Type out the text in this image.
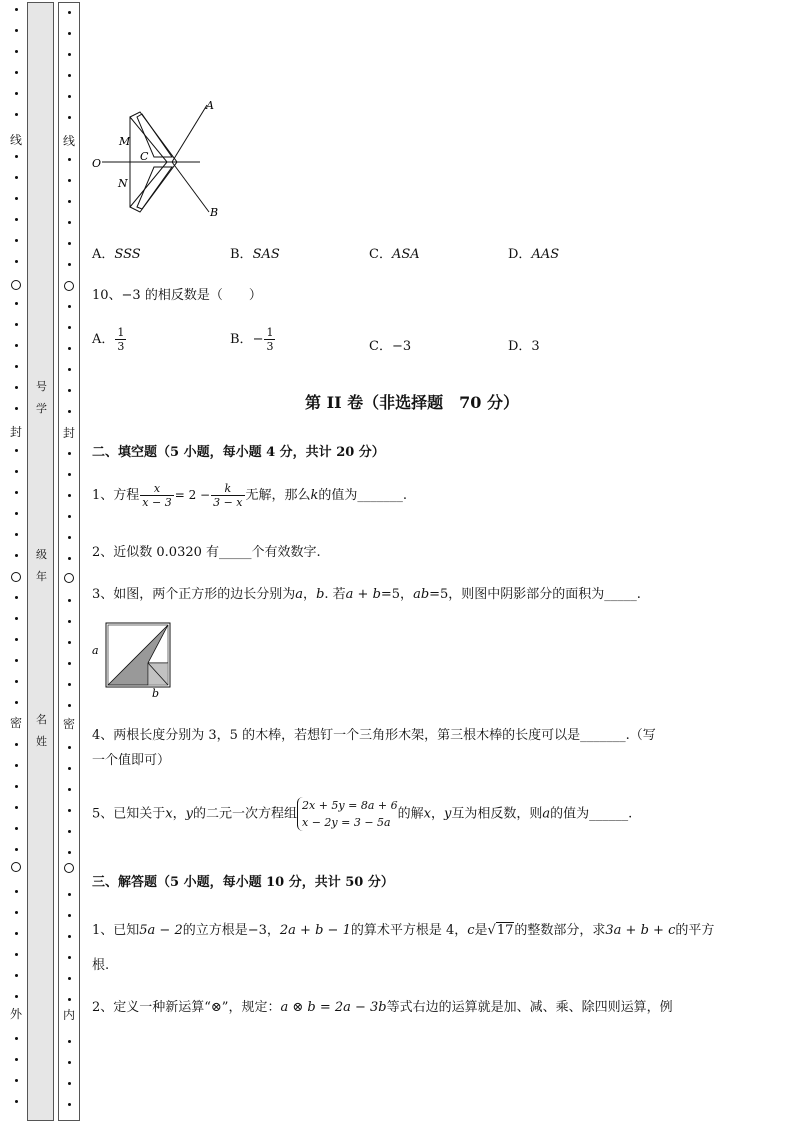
线
封
密
外
号
学
级
年
名
姓
线
封
密
内
A
B
O
M
N
C
A．SSS	B．SAS	C．ASA	D．AAS
10、−3 的相反数是（　　）
A． $\frac{1}{3}$	B．− $\frac{1}{3}$	C．−3	D．3
第 II 卷（非选择题　70 分）
二、填空题（5 小题，每小题 4 分，共计 20 分）
1、方程 $\frac{x}{x - 3} = 2 - \frac{k}{3 - x}$ 无解，那么k的值为_______.
2、近似数 0.0320 有_____个有效数字.
3、如图，两个正方形的边长分别为a，b. 若a + b=5，ab=5，则图中阴影部分的面积为_____.
a
b
4、两根长度分别为 3，5 的木棒，若想钉一个三角形木架，第三根木棒的长度可以是_______.（写
一个值即可）
5、已知关于x，y的二元一次方程组
2x + 5y = 8a + 6
x − 2y = 3 − 5a
的解x，y互为相反数，则a的值为______.
三、解答题（5 小题，每小题 10 分，共计 50 分）
1、已知5a − 2的立方根是−3，2a + b − 1的算术平方根是 4，c是√17的整数部分，求3a + b + c的平方
根.
2、定义一种新运算“⊗”，规定：a ⊗ b = 2a − 3b等式右边的运算就是加、减、乘、除四则运算，例
